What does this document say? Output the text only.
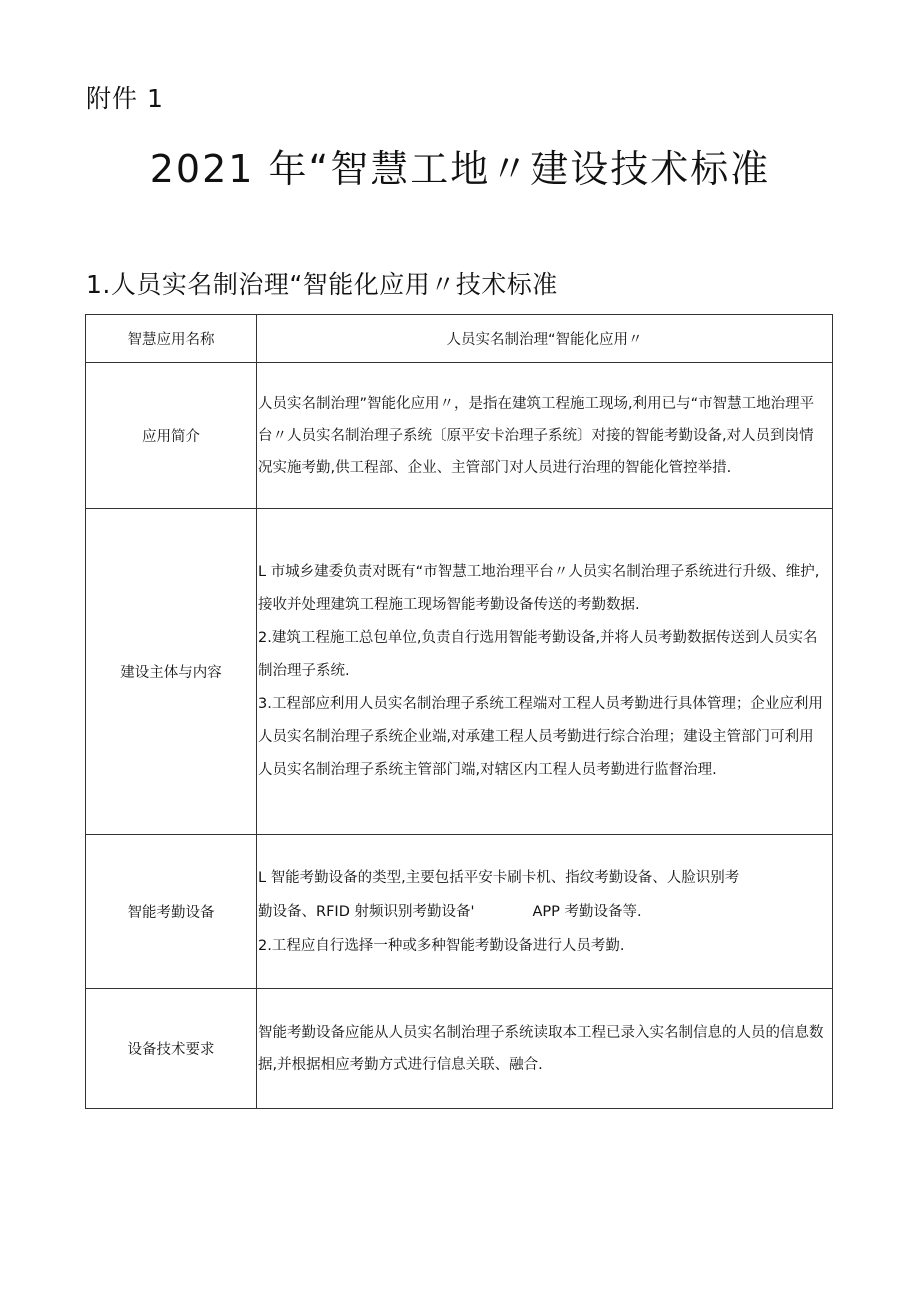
附件 1
2021 年“智慧工地〃建设技术标准
1.人员实名制治理“智能化应用〃技术标准
智慧应用名称	人员实名制治理“智能化应用〃
应用简介	人员实名制治理”智能化应用〃，是指在建筑工程施工现场,利用已与“市智慧工地治理平台〃人员实名制治理子系统〔原平安卡治理子系统〕对接的智能考勤设备,对人员到岗情况实施考勤,供工程部、企业、主管部门对人员进行治理的智能化管控举措.

建设主体与内容	L 市城乡建委负责对既有“市智慧工地治理平台〃人员实名制治理子系统进行升级、维护,接收并处理建筑工程施工现场智能考勤设备传送的考勤数据.

2.建筑工程施工总包单位,负责自行选用智能考勤设备,并将人员考勤数据传送到人员实名制治理子系统.

3.工程部应利用人员实名制治理子系统工程端对工程人员考勤进行具体管理；企业应利用人员实名制治理子系统企业端,对承建工程人员考勤进行综合治理；建设主管部门可利用人员实名制治理子系统主管部门端,对辖区内工程人员考勤进行监督治理.

智能考勤设备	L 智能考勤设备的类型,主要包括平安卡刷卡机、指纹考勤设备、人脸识别考

勤设备、RFID 射频识别考勤设备' APP 考勤设备等.

2.工程应自行选择一种或多种智能考勤设备进行人员考勤.

设备技术要求	智能考勤设备应能从人员实名制治理子系统读取本工程已录入实名制信息的人员的信息数据,并根据相应考勤方式进行信息关联、融合.
